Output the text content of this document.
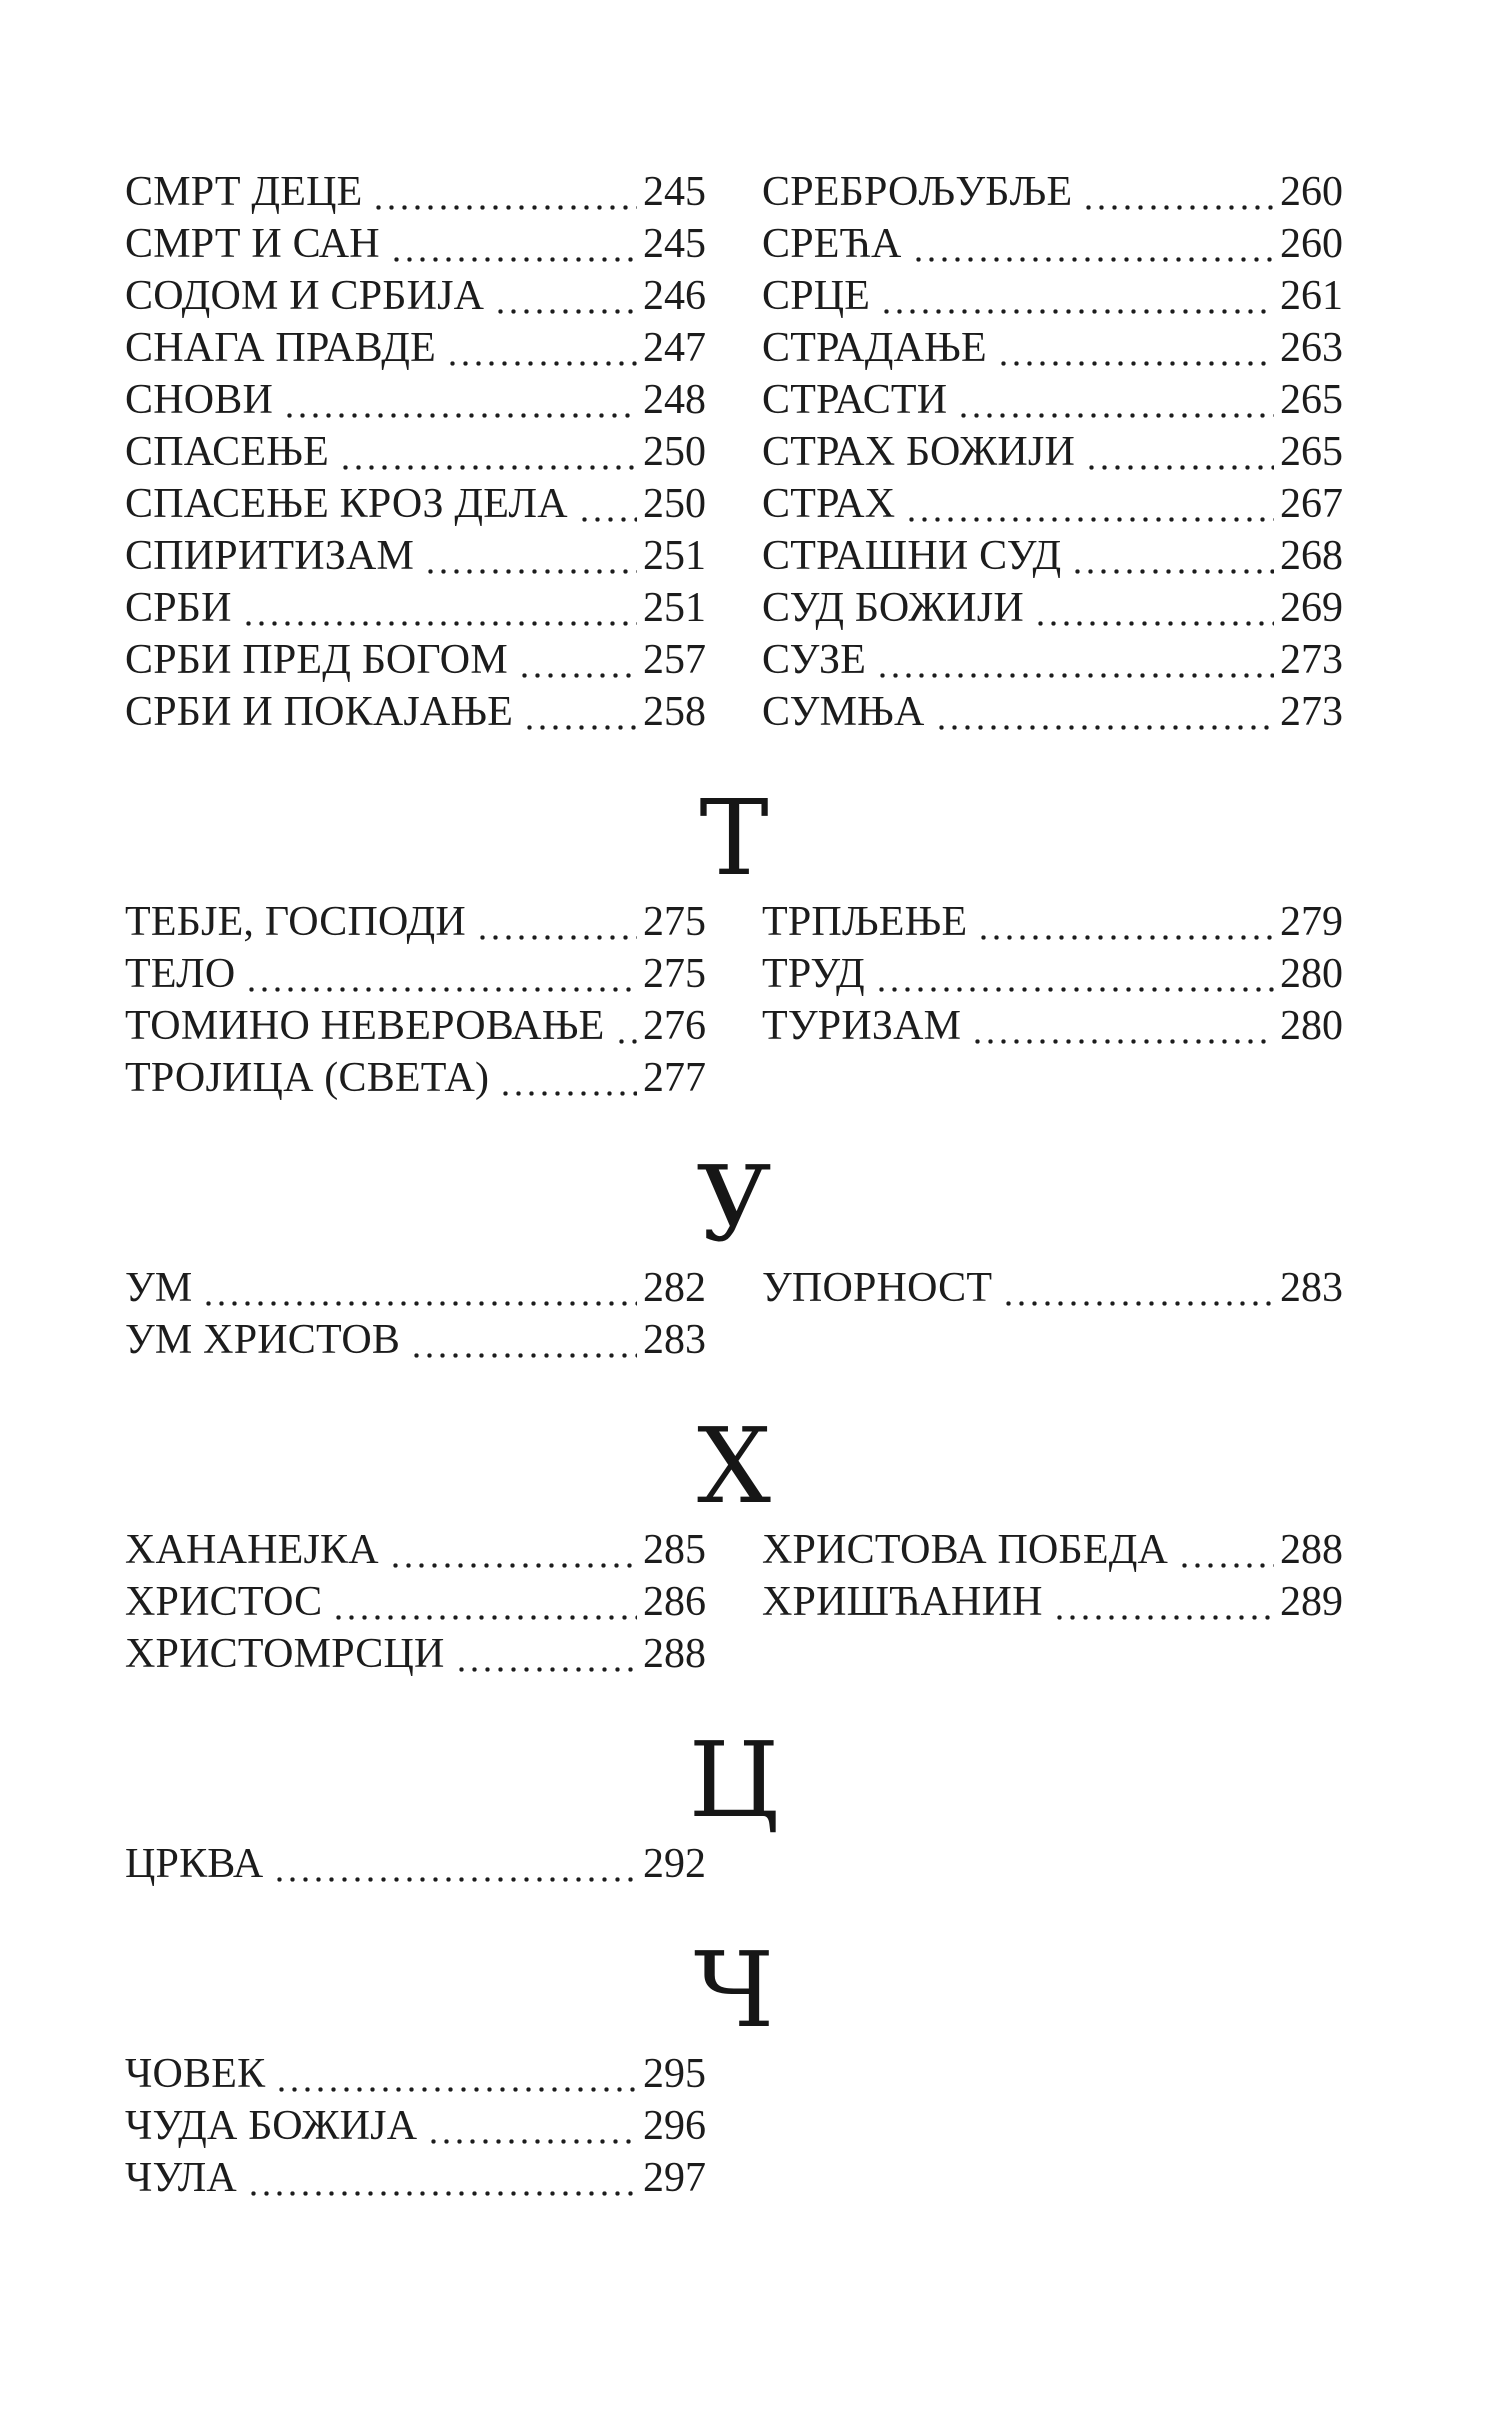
СМРТ ДЕЦЕ	245
СМРТ И САН	245
СОДОМ И СРБИЈА	246
СНАГА ПРАВДЕ	247
СНОВИ	248
СПАСЕЊЕ	250
СПАСЕЊЕ КРОЗ ДЕЛА 250
СПИРИТИЗАМ	251
СРБИ	251
СРБИ ПРЕД БОГОМ	257
СРБИ И ПОКАЈАЊЕ	258
СРЕБРОЉУБЉЕ	260
СРЕЋА	260
СРЦЕ	261
СТРАДАЊЕ	263
СТРАСТИ	265
СТРАХ БОЖИЈИ	265
СТРАХ	267
СТРАШНИ СУД	268
СУД БОЖИЈИ	269
СУЗЕ	273
СУМЊА	273
Т
ТЕБЈЕ, ГОСПОДИ	275
ТЕЛО	275
ТОМИНО НЕВЕРОВАЊЕ 276
ТРОЈИЦА (СВЕТА)	277
ТРПЉЕЊЕ	279
ТРУД	280
ТУРИЗАМ	280
У
УМ	282
УМ ХРИСТОВ	283
УПОРНОСТ	283
Х
ХАНАНЕЈКА	285
ХРИСТОС	286
ХРИСТОМРСЦИ	288
ХРИСТОВА ПОБЕДА	288
ХРИШЋАНИН	289
Ц
ЦРКВА	292
Ч
ЧОВЕК	295
ЧУДА БОЖИЈА	296
ЧУЛА	297
